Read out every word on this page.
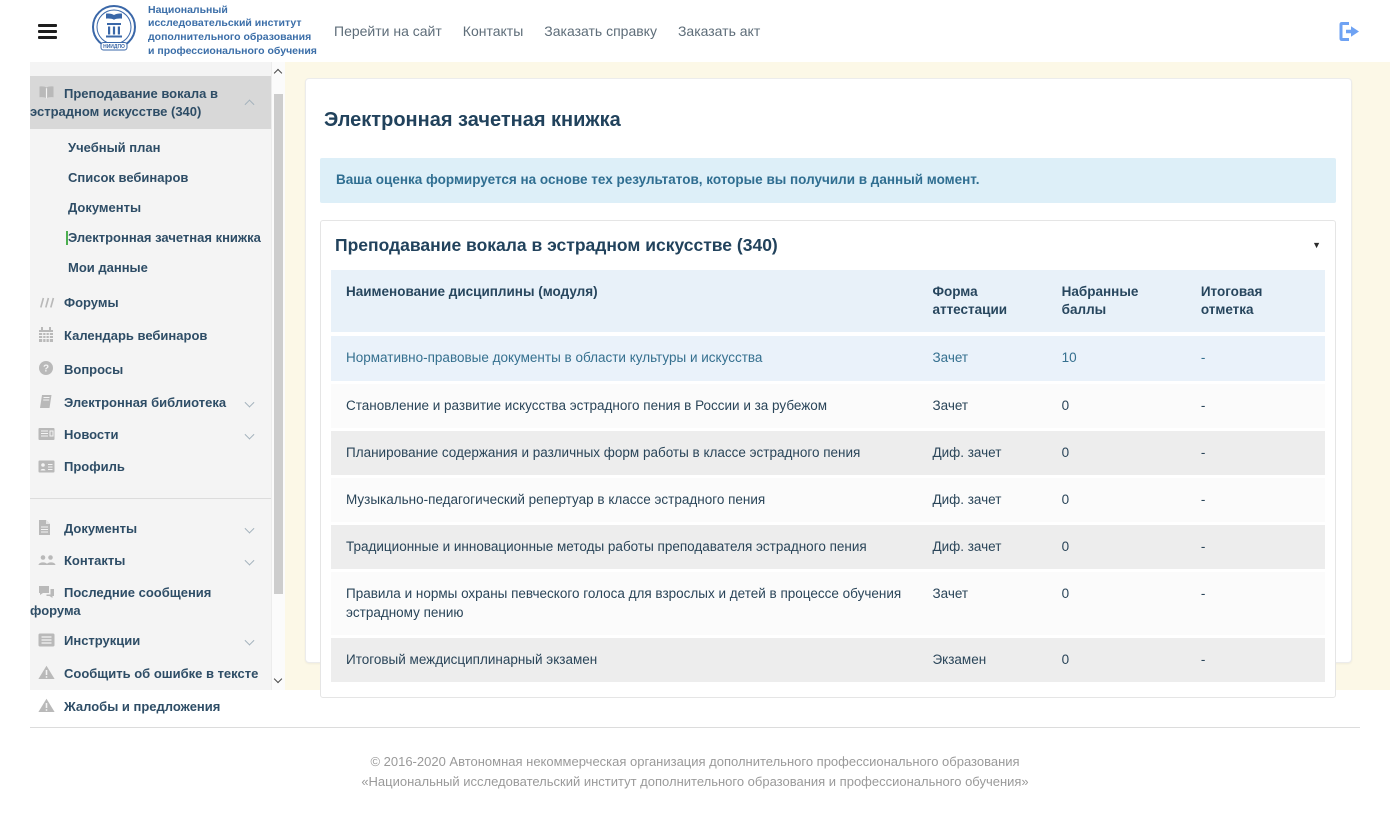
НИИДПО
Национальный исследовательский институт
дополнительного образования
и профессионального обучения
Перейти на сайт Контакты Заказать справку Заказать акт
Преподавание вокала в эстрадном искусстве (340)
Учебный план
Список вебинаров
Документы
Электронная зачетная книжка
Мои данные
Форумы
Календарь вебинаров
? Вопросы
Электронная библиотека
Новости
Профиль
Документы
Контакты
Последние сообщения форума
Инструкции
Сообщить об ошибке в тексте
Жалобы и предложения
Электронная зачетная книжка
Ваша оценка формируется на основе тех результатов, которые вы получили в данный момент.
Преподавание вокала в эстрадном искусстве (340)	▼
Наименование дисциплины (модуля)	Форма аттестации	Набранные баллы	Итоговая отметка
Нормативно-правовые документы в области культуры и искусства	Зачет	10	-
Становление и развитие искусства эстрадного пения в России и за рубежом	Зачет	0	-
Планирование содержания и различных форм работы в классе эстрадного пения	Диф. зачет	0	-
Музыкально-педагогический репертуар в классе эстрадного пения	Диф. зачет	0	-
Традиционные и инновационные методы работы преподавателя эстрадного пения	Диф. зачет	0	-
Правила и нормы охраны певческого голоса для взрослых и детей в процессе обучения эстрадному пению	Зачет	0	-
Итоговый междисциплинарный экзамен	Экзамен	0	-
© 2016-2020 Автономная некоммерческая организация дополнительного профессионального образования
«Национальный исследовательский институт дополнительного образования и профессионального обучения»
